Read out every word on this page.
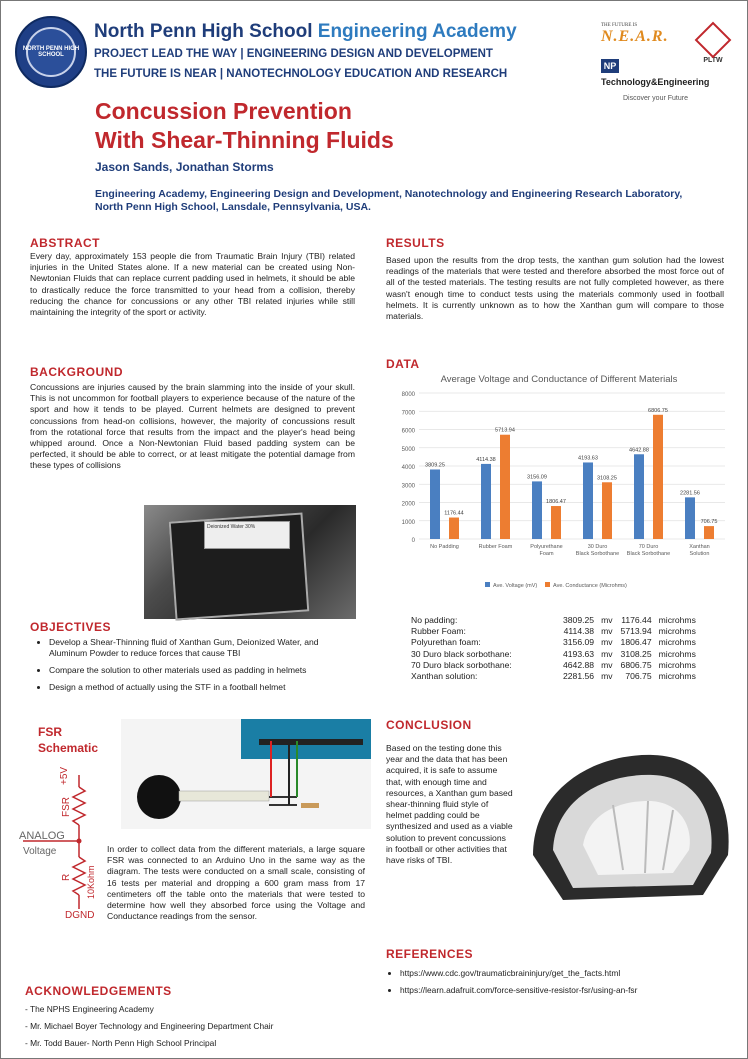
NORTH PENN HIGH SCHOOL
North Penn High School Engineering Academy
PROJECT LEAD THE WAY | ENGINEERING DESIGN AND DEVELOPMENT
THE FUTURE IS NEAR | NANOTECHNOLOGY EDUCATION AND RESEARCH
THE FUTURE IS
N.E.A.R.
PLTW
NP Technology&Engineering
Discover your Future
Concussion Prevention
With Shear-Thinning Fluids
Jason Sands, Jonathan Storms
Engineering Academy, Engineering Design and Development, Nanotechnology and Engineering Research Laboratory, North Penn High School, Lansdale, Pennsylvania, USA.
ABSTRACT
Every day, approximately 153 people die from Traumatic Brain Injury (TBI) related injuries in the United States alone. If a new material can be created using Non-Newtonian Fluids that can replace current padding used in helmets, it should be able to drastically reduce the force transmitted to your head from a collision, thereby reducing the chance for concussions or any other TBI related injuries while still maintaining the integrity of the sport or activity.
BACKGROUND
Concussions are injuries caused by the brain slamming into the inside of your skull. This is not uncommon for football players to experience because of the nature of the sport and how it tends to be played. Current helmets are designed to prevent concussions from head-on collisions, however, the majority of concussions result from the rotational force that results from the impact and the player's head being whipped around. Once a Non-Newtonian Fluid based padding system can be perfected, it should be able to correct, or at least mitigate the potential damage from these types of collisions
Deionized Water 30%
OBJECTIVES
• Develop a Shear-Thinning fluid of Xanthan Gum, Deionized Water, and Aluminum Powder to reduce forces that cause TBI
• Compare the solution to other materials used as padding in helmets
• Design a method of actually using the STF in a football helmet
FSR
Schematic
+5V
FSR
ANALOG
Voltage
R 10Kohm
DGND
In order to collect data from the different materials, a large square FSR was connected to an Arduino Uno in the same way as the diagram. The tests were conducted on a small scale, consisting of 16 tests per material and dropping a 600 gram mass from 17 centimeters off the table onto the materials that were tested to determine how well they absorbed force using the Voltage and Conductance readings from the sensor.
ACKNOWLEDGEMENTS
- The NPHS Engineering Academy
- Mr. Michael Boyer Technology and Engineering Department Chair
- Mr. Todd Bauer- North Penn High School Principal
RESULTS
Based upon the results from the drop tests, the xanthan gum solution had the lowest readings of the materials that were tested and therefore absorbed the most force out of all of the tested materials. The testing results are not fully completed however, as there wasn't enough time to conduct tests using the materials commonly used in football helmets. It is currently unknown as to how the Xanthan gum will compare to those materials.
DATA
Average Voltage and Conductance of Different Materials
0
1000
2000
3000
4000
5000
6000
7000
8000
3809.25
1176.44
No Padding
4114.38
5713.94
Rubber Foam
3156.09
1806.47
Polyurethane Foam
4193.63
3108.25
30 Duro Black Sorbothane
4642.88
6806.75
70 Duro Black Sorbothane
2281.56
706.75
Xanthan Solution
Ave. Voltage (mV)	Ave. Conductance (Microhms)
No padding:	3809.25	mv	1176.44	microhms
Rubber Foam:	4114.38	mv	5713.94	microhms
Polyurethan foam:	3156.09	mv	1806.47	microhms
30 Duro black sorbothane:	4193.63	mv	3108.25	microhms
70 Duro black sorbothane:	4642.88	mv	6806.75	microhms
Xanthan solution:	2281.56	mv	706.75	microhms
CONCLUSION
Based on the testing done this year and the data that has been acquired, it is safe to assume that, with enough time and resources, a Xanthan gum based shear-thinning fluid style of helmet padding could be synthesized and used as a viable solution to prevent concussions in football or other activities that have risks of TBI.
REFERENCES
• https://www.cdc.gov/traumaticbraininjury/get_the_facts.html
• https://learn.adafruit.com/force-sensitive-resistor-fsr/using-an-fsr
